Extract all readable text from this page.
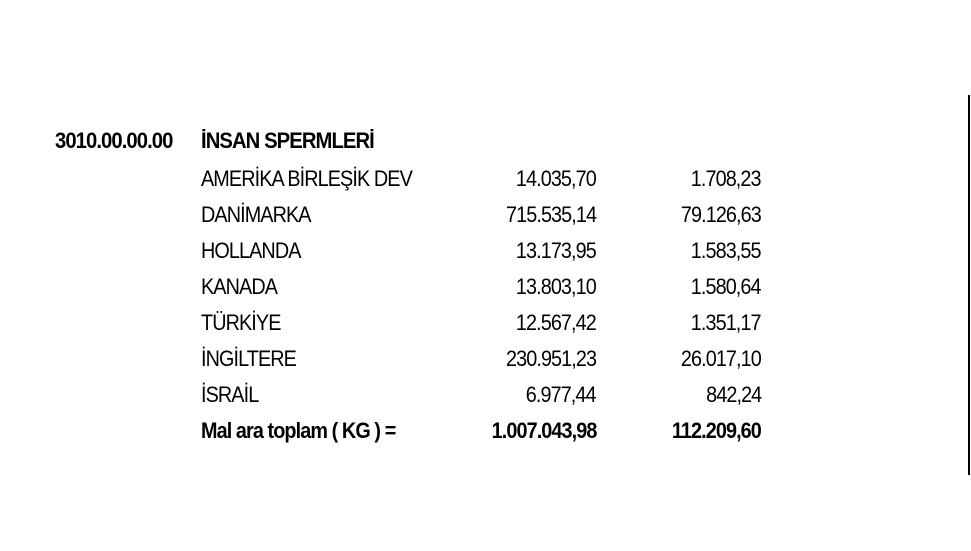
3010.00.00.00 İNSAN SPERMLERİ
AMERİKA BİRLEŞİK DEV	14.035,70	1.708,23
DANİMARKA	715.535,14	79.126,63
HOLLANDA	13.173,95	1.583,55
KANADA	13.803,10	1.580,64
TÜRKİYE	12.567,42	1.351,17
İNGİLTERE	230.951,23	26.017,10
İSRAİL	6.977,44	842,24
Mal ara toplam ( KG ) =	1.007.043,98	112.209,60
